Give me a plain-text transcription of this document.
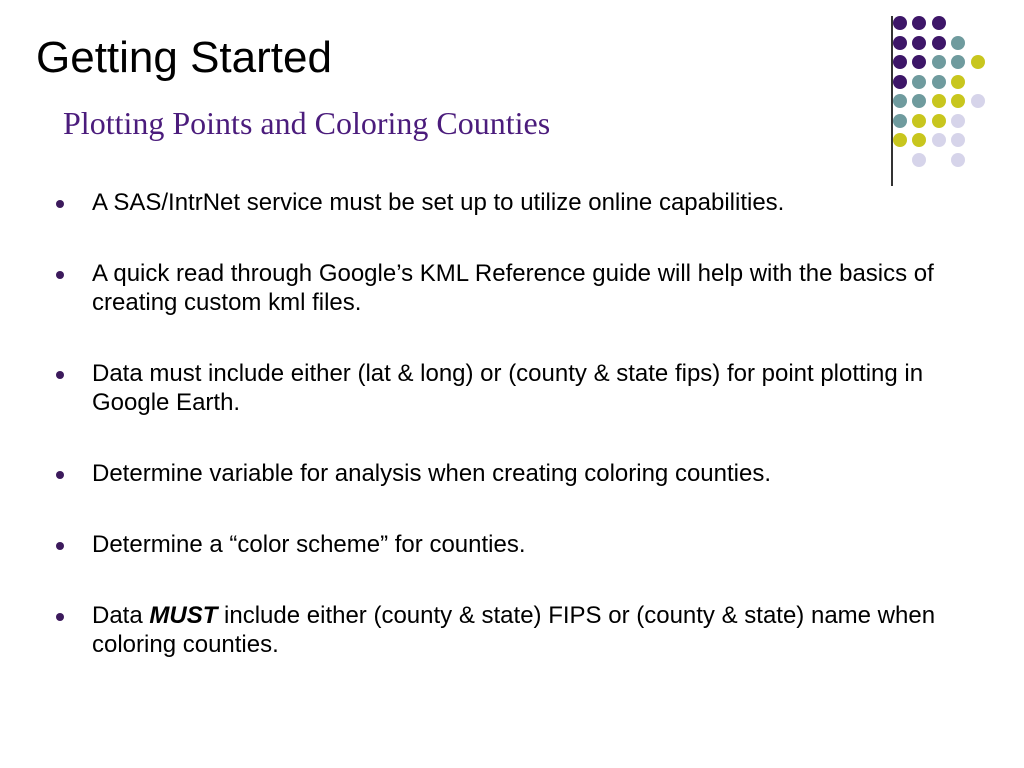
Getting Started
Plotting Points and Coloring Counties
A SAS/IntrNet service must be set up to utilize online capabilities.
A quick read through Google’s KML Reference guide will help with the basics of creating custom kml files.
Data must include either (lat & long) or (county & state fips) for point plotting in Google Earth.
Determine variable for analysis when creating coloring counties.
Determine a “color scheme” for counties.
Data MUST include either (county & state) FIPS or (county & state) name when coloring counties.
